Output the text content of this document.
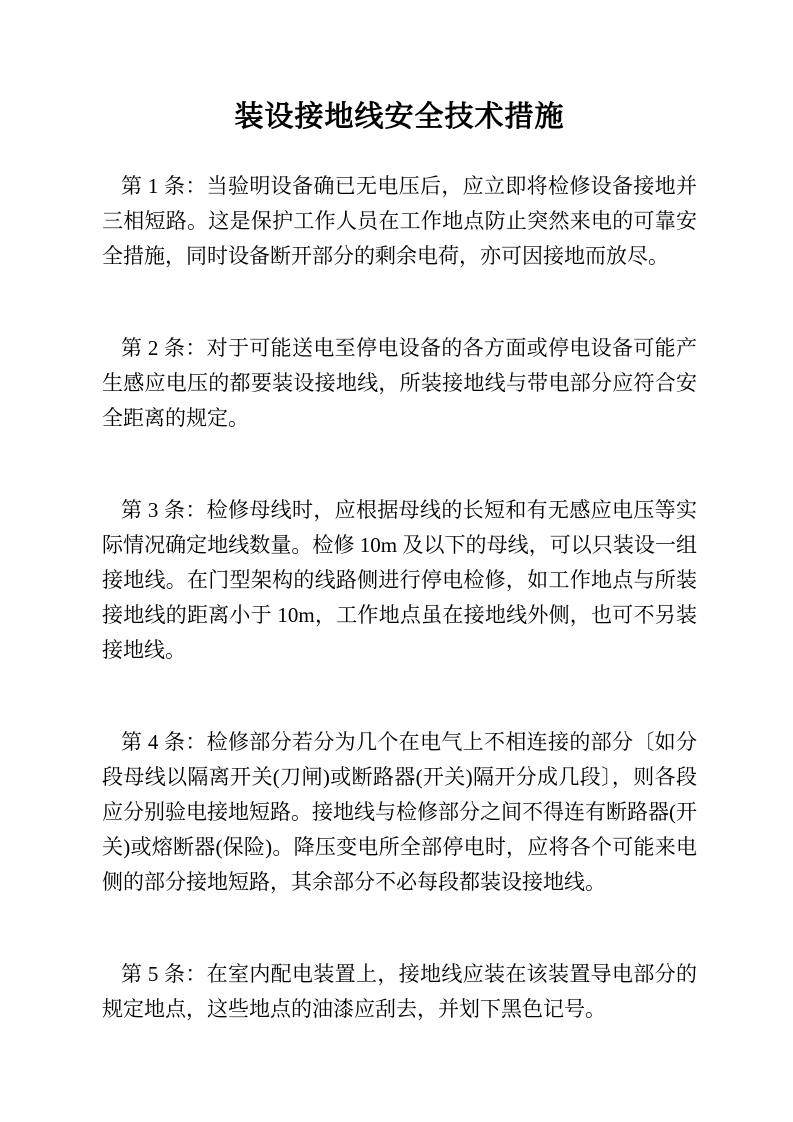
装设接地线安全技术措施

第 1 条：当验明设备确已无电压后，应立即将检修设备接地并三相短路。这是保护工作人员在工作地点防止突然来电的可靠安全措施，同时设备断开部分的剩余电荷，亦可因接地而放尽。

第 2 条：对于可能送电至停电设备的各方面或停电设备可能产生感应电压的都要装设接地线，所装接地线与带电部分应符合安全距离的规定。

第 3 条：检修母线时，应根据母线的长短和有无感应电压等实际情况确定地线数量。检修 10m 及以下的母线，可以只装设一组接地线。在门型架构的线路侧进行停电检修，如工作地点与所装接地线的距离小于 10m，工作地点虽在接地线外侧，也可不另装接地线。

第 4 条：检修部分若分为几个在电气上不相连接的部分〔如分段母线以隔离开关(刀闸)或断路器(开关)隔开分成几段〕，则各段应分别验电接地短路。接地线与检修部分之间不得连有断路器(开关)或熔断器(保险)。降压变电所全部停电时，应将各个可能来电侧的部分接地短路，其余部分不必每段都装设接地线。

第 5 条：在室内配电装置上，接地线应装在该装置导电部分的规定地点，这些地点的油漆应刮去，并划下黑色记号。
